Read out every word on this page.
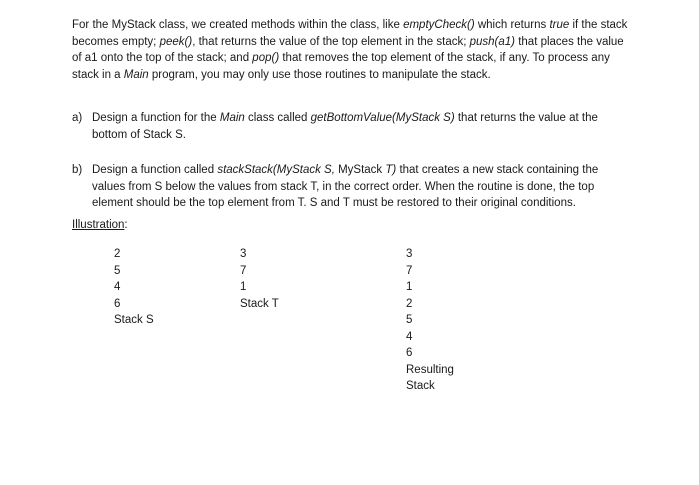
For the MyStack class, we created methods within the class, like emptyCheck() which returns true if the stack becomes empty; peek(), that returns the value of the top element in the stack; push(a1) that places the value of a1 onto the top of the stack; and pop() that removes the top element of the stack, if any. To process any stack in a Main program, you may only use those routines to manipulate the stack.
a) Design a function for the Main class called getBottomValue(MyStack S) that returns the value at the bottom of Stack S.
b) Design a function called stackStack(MyStack S, MyStack T) that creates a new stack containing the values from S below the values from stack T, in the correct order. When the routine is done, the top element should be the top element from T. S and T must be restored to their original conditions.
Illustration:
2
5
4
6
Stack S
3
7
1
Stack T
3
7
1
2
5
4
6
Resulting
Stack
